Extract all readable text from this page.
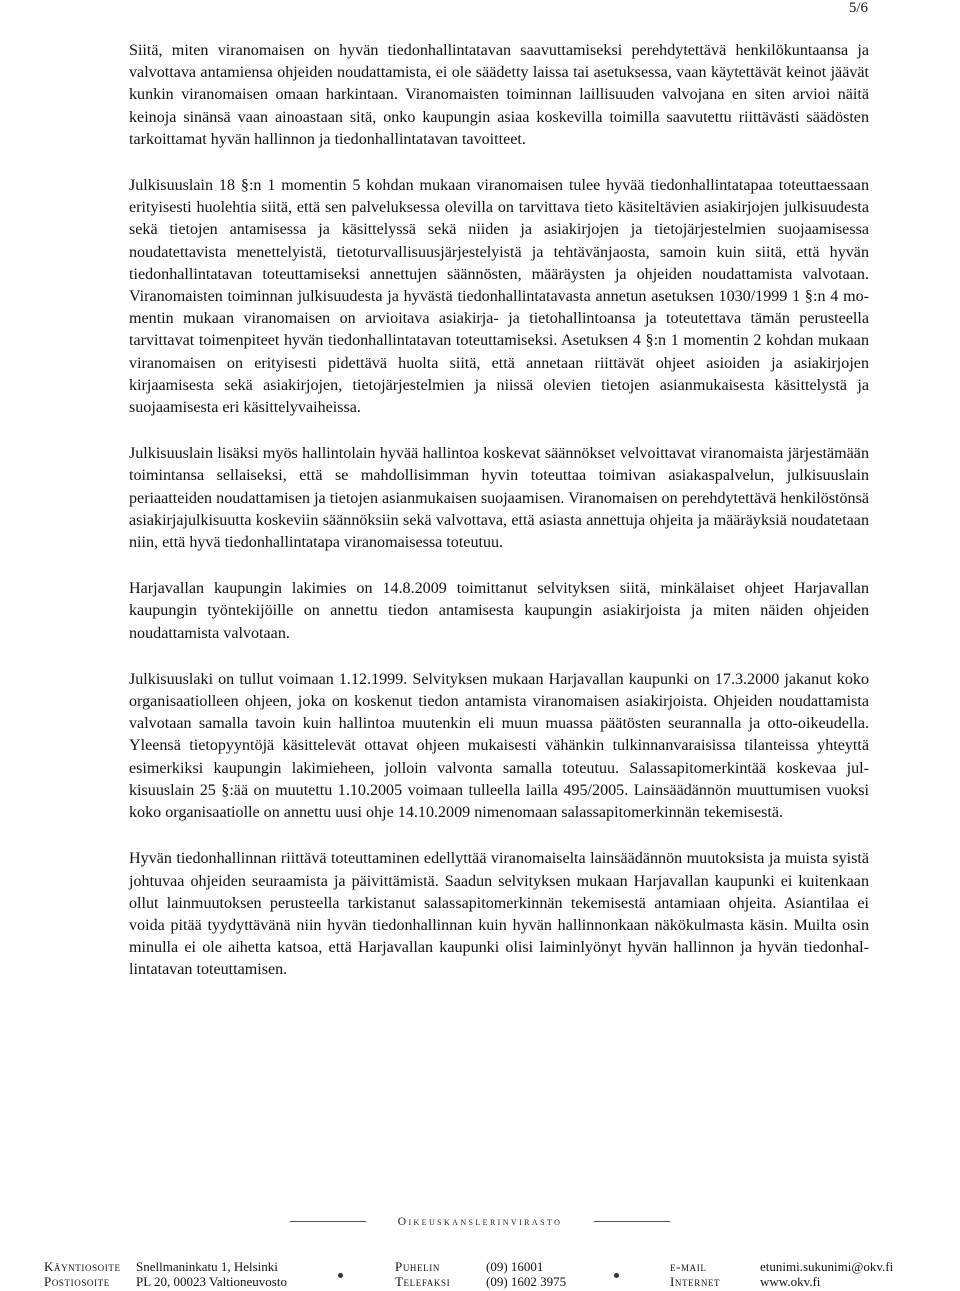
5/6

Siitä, miten viranomaisen on hyvän tiedonhallintatavan saavuttamiseksi perehdytettävä henkilökuntaansa ja valvottava antamiensa ohjeiden noudattamista, ei ole säädetty laissa tai asetuksessa, vaan käytettävät keinot jäävät kunkin viranomaisen omaan harkintaan. Viranomaisten toiminnan laillisuuden valvojana en siten arvioi näitä keinoja sinänsä vaan ainoastaan sitä, onko kaupungin asiaa koskevilla toimilla saavutettu riittävästi säädösten tarkoittamat hyvän hallinnon ja tiedonhallintatavan tavoitteet.

Julkisuuslain 18 §:n 1 momentin 5 kohdan mukaan viranomaisen tulee hyvää tiedonhallintatapaa toteuttaessaan erityisesti huolehtia siitä, että sen palveluksessa olevilla on tarvittava tieto käsiteltävien asiakirjojen julkisuudesta sekä tietojen antamisessa ja käsittelyssä sekä niiden ja asiakirjojen ja tietojärjestelmien suojaamisessa noudatettavista menettelyistä, tietoturvallisuusjärjestelyistä ja tehtävänjaosta, samoin kuin siitä, että hyvän tiedonhallintatavan toteuttamiseksi annettujen säännösten, määräysten ja ohjeiden noudattamista valvotaan. Viranomaisten toiminnan julkisuudesta ja hyvästä tiedonhallintatavasta annetun asetuksen 1030/1999 1 §:n 4 momentin mukaan viranomaisen on arvioitava asiakirja- ja tietohallintoansa ja toteutettava tämän perusteella tarvittavat toimenpiteet hyvän tiedonhallintatavan toteuttamiseksi. Asetuksen 4 §:n 1 momentin 2 kohdan mukaan viranomaisen on erityisesti pidettävä huolta siitä, että annetaan riittävät ohjeet asioiden ja asiakirjojen kirjaamisesta sekä asiakirjojen, tietojärjestelmien ja niissä olevien tietojen asianmukaisesta käsittelystä ja suojaamisesta eri käsittelyvaiheissa.

Julkisuuslain lisäksi myös hallintolain hyvää hallintoa koskevat säännökset velvoittavat viranomaista järjestämään toimintansa sellaiseksi, että se mahdollisimman hyvin toteuttaa toimivan asiakaspalvelun, julkisuuslain periaatteiden noudattamisen ja tietojen asianmukaisen suojaamisen. Viranomaisen on perehdytettävä henkilöstönsä asiakirjajulkisuutta koskeviin säännöksiin sekä valvottava, että asiasta annettuja ohjeita ja määräyksiä noudatetaan niin, että hyvä tiedonhallintatapa viranomaisessa toteutuu.

Harjavallan kaupungin lakimies on 14.8.2009 toimittanut selvityksen siitä, minkälaiset ohjeet Harjavallan kaupungin työntekijöille on annettu tiedon antamisesta kaupungin asiakirjoista ja miten näiden ohjeiden noudattamista valvotaan.

Julkisuuslaki on tullut voimaan 1.12.1999. Selvityksen mukaan Harjavallan kaupunki on 17.3.2000 jakanut koko organisaatiolleen ohjeen, joka on koskenut tiedon antamista viranomaisen asiakirjoista. Ohjeiden noudattamista valvotaan samalla tavoin kuin hallintoa muutenkin eli muun muassa päätösten seurannalla ja otto-oikeudella. Yleensä tietopyyntöjä käsittelevät ottavat ohjeen mukaisesti vähänkin tulkinnanvaraisissa tilanteissa yhteyttä esimerkiksi kaupungin lakimieheen, jolloin valvonta samalla toteutuu. Salassapitomerkintää koskevaa julkisuuslain 25 §:ää on muutettu 1.10.2005 voimaan tulleella lailla 495/2005. Lainsäädännön muuttumisen vuoksi koko organisaatiolle on annettu uusi ohje 14.10.2009 nimenomaan salassapitomerkinnän tekemisestä.

Hyvän tiedonhallinnan riittävä toteuttaminen edellyttää viranomaiselta lainsäädännön muutoksista ja muista syistä johtuvaa ohjeiden seuraamista ja päivittämistä. Saadun selvityksen mukaan Harjavallan kaupunki ei kuitenkaan ollut lainmuutoksen perusteella tarkistanut salassapitomerkinnän tekemisestä antamiaan ohjeita. Asiantilaa ei voida pitää tyydyttävänä niin hyvän tiedonhallinnan kuin hyvän hallinnonkaan näkökulmasta käsin. Muilta osin minulla ei ole aihetta katsoa, että Harjavallan kaupunki olisi laiminlyönyt hyvän hallinnon ja hyvän tiedonhallintatavan toteuttamisen.

Oikeuskanslerinvirasto
Käyntiosoite Snellmaninkatu 1, Helsinki
Postiosoite PL 20, 00023 Valtioneuvosto
Puhelin	(09) 16001
Telefaksi	(09) 1602 3975
e-mail	etunimi.sukunimi@okv.fi
Internet	www.okv.fi
